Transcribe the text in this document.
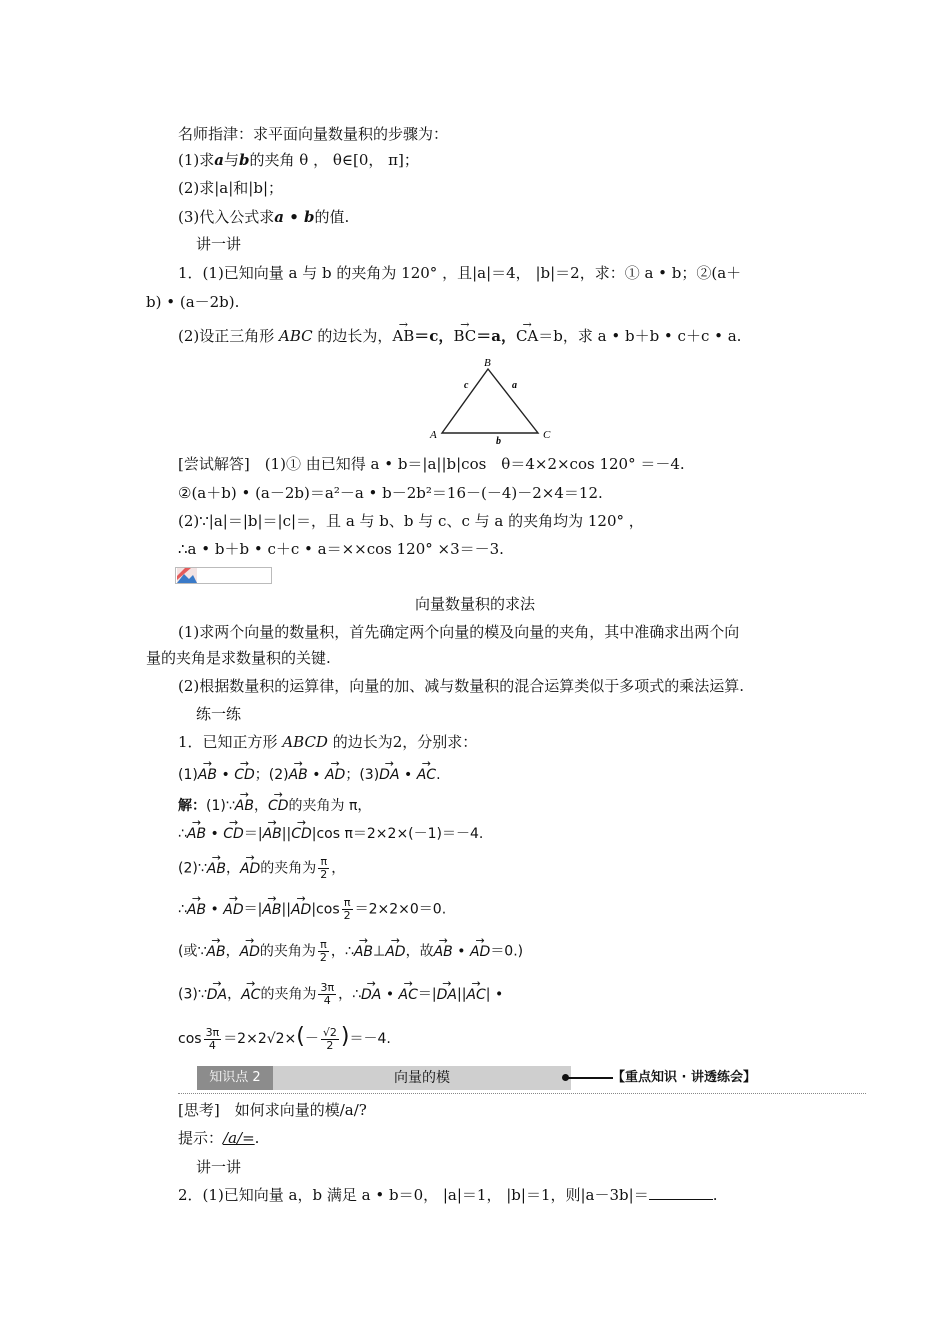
名师指津：求平面向量数量积的步骤为：
(1)求a与b的夹角 θ ， θ∈[0， π]；
(2)求|a|和|b|；
(3)代入公式求a • b的值.
讲一讲
1．(1)已知向量 a 与 b 的夹角为 120° ，且|a|＝4， |b|＝2，求：① a • b；②(a＋
b) • (a－2b).
(2)设正三角形 ABC 的边长为，→ AB＝c，→ BC＝a，→ CA＝b，求 a • b＋b • c＋c • a.
A
B
C
c	a
b
[尝试解答]　(1)① 由已知得 a • b＝|a||b|cos　θ＝4×2×cos 120° ＝－4.
②(a＋b) • (a－2b)＝a²－a • b－2b²＝16－(－4)－2×4＝12.
(2)∵|a|＝|b|＝|c|＝，且 a 与 b、b 与 c、c 与 a 的夹角均为 120° ，
∴a • b＋b • c＋c • a＝××cos 120° ×3＝－3.
向量数量积的求法
(1)求两个向量的数量积，首先确定两个向量的模及向量的夹角，其中准确求出两个向
量的夹角是求数量积的关键.
(2)根据数量积的运算律，向量的加、减与数量积的混合运算类似于多项式的乘法运算.
练一练
1．已知正方形 ABCD 的边长为2，分别求：
(1)→ AB • → CD；(2)→ AB • → AD；(3)→ DA • → AC.
解：(1)∵→ AB，→ CD的夹角为 π，
∴→ AB • → CD＝|→ AB||→ CD|cos π＝2×2×(－1)＝－4.
(2)∵→ AB，→ AD的夹角为 $\frac{\pi}{2}$ ，
∴→ AB • → $AD=|\to AB||\to AD|\cos \frac{\pi}{2} =2\times 2\times 0=0$.
(或∵→ AB，→ AD的夹角为 $\frac{\pi}{2}$ ，∴→ AB⊥→ AD，故→ AB • → AD＝0.)
(3)∵→ DA，→ AC的夹角为 $\frac{3\pi}{4}$ ，∴→ DA • → AC＝|→ DA||→ AC| •
$\cos \frac{3\pi}{4} =2\times 2√2\times(- \frac{√2}{2} )=-4$.
知识点 2	向量的模	【重点知识 · 讲透练会】
[思考]　如何求向量的模/a/?
提示：/a/=.
讲一讲
2．(1)已知向量 a，b 满足 a • b＝0， |a|＝1， |b|＝1，则|a－3b|＝	.
